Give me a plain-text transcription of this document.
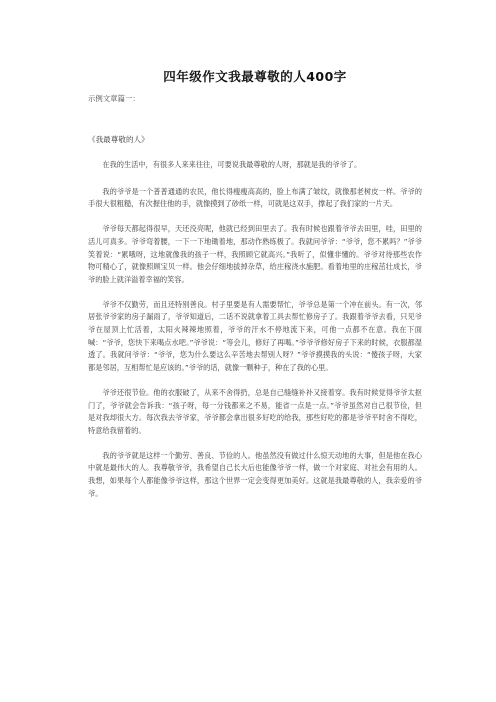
四年级作文我最尊敬的人400字

示例文章篇一：

《我最尊敬的人》

在我的生活中，有很多人来来往往，可要说我最尊敬的人呀，那就是我的爷爷了。

我的爷爷是一个普普通通的农民，他长得瘦瘦高高的，脸上布满了皱纹，就像那老树皮一样。爷爷的手很大很粗糙，有次握住他的手，就像摸到了砂纸一样，可就是这双手，撑起了我们家的一片天。

爷爷每天都起得很早，天还没亮呢，他就已经到田里去了。我有时候也跟着爷爷去田里，哇，田里的活儿可真多。爷爷弯着腰，一下一下地锄着地，那动作熟练极了。我就问爷爷：“爷爷，您不累吗？”爷爷笑着说：“累哦呀，这地就像我的孩子一样，我照顾它就高兴。”我听了，似懂非懂的。爷爷对待那些农作物可精心了，就像照顾宝贝一样。他会仔细地拔掉杂草，给庄稼浇水施肥。看着地里的庄稼茁壮成长，爷爷的脸上就洋溢着幸福的笑容。

爷爷不仅勤劳，而且还特别善良。村子里要是有人需要帮忙，爷爷总是第一个冲在前头。有一次，邻居张爷爷家的房子漏雨了，爷爷知道后，二话不说就拿着工具去帮忙修房子了。我跟着爷爷去看，只见爷爷在屋顶上忙活着，太阳火辣辣地照着，爷爷的汗水不停地流下来，可他一点都不在意。我在下面喊：“爷爷，您快下来喝点水吧。”爷爷说：“等会儿，修好了再喝。”爷爷爷修好房子下来的时候，衣服都湿透了。我就问爷爷：“爷爷，您为什么要这么辛苦地去帮别人呀？”爷爷摸摸我的头说：“傻孩子呀，大家都是邻居，互相帮忙是应该的。”爷爷的话，就像一颗种子，种在了我的心里。

爷爷还很节俭。他的衣服破了，从来不舍得扔，总是自己缝缝补补又接着穿。我有时候觉得爷爷太抠门了，爷爷就会告诉我：“孩子呀，每一分钱都来之不易，能省一点是一点。”爷爷虽然对自己很节俭，但是对我却很大方。每次我去爷爷家，爷爷都会拿出很多好吃的给我，那些好吃的都是爷爷平时舍不得吃，特意给我留着的。

我的爷爷就是这样一个勤劳、善良、节俭的人。他虽然没有做过什么惊天动地的大事，但是他在我心中就是最伟大的人。我尊敬爷爷，我希望自己长大后也能像爷爷一样，做一个对家庭、对社会有用的人。我想，如果每个人都能像爷爷这样，那这个世界一定会变得更加美好。这就是我最尊敬的人，我亲爱的爷爷。
